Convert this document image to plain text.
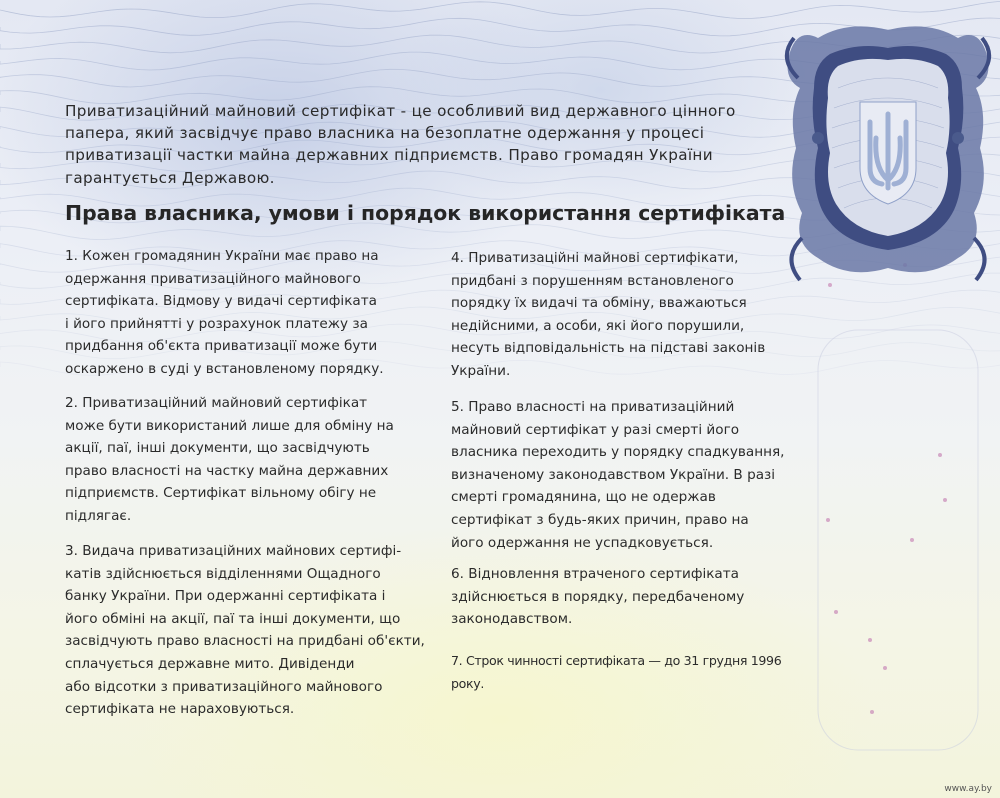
Приватизаційний майновий сертифікат - це особливий вид державного цінного
папера, який засвідчує право власника на безоплатне одержання у процесі
приватизації частки майна державних підприємств. Право громадян України
гарантується Державою.

Права власника, умови і порядок використання сертифіката

1. Кожен громадянин України має право на
одержання приватизаційного майнового
сертифіката. Відмову у видачі сертифіката
і його прийнятті у розрахунок платежу за
придбання об'єкта приватизації може бути
оскаржено в суді у встановленому порядку.

2. Приватизаційний майновий сертифікат
може бути використаний лише для обміну на
акції, паї, інші документи, що засвідчують
право власності на частку майна державних
підприємств. Сертифікат вільному обігу не
підлягає.

3. Видача приватизаційних майнових сертифі-
катів здійснюється відділеннями Ощадного
банку України. При одержанні сертифіката і
його обміні на акції, паї та інші документи, що
засвідчують право власності на придбані об'єкти,
сплачується державне мито. Дивіденди
або відсотки з приватизаційного майнового
сертифіката не нараховуються.

4. Приватизаційні майнові сертифікати,
придбані з порушенням встановленого
порядку їх видачі та обміну, вважаються
недійсними, а особи, які його порушили,
несуть відповідальність на підставі законів
України.

5. Право власності на приватизаційний
майновий сертифікат у разі смерті його
власника переходить у порядку спадкування,
визначеному законодавством України. В разі
смерті громадянина, що не одержав
сертифікат з будь-яких причин, право на
його одержання не успадковується.

6. Відновлення втраченого сертифіката
здійснюється в порядку, передбаченому
законодавством.

7. Строк чинності сертифіката — до 31 грудня 1996
року.

www.ay.by
